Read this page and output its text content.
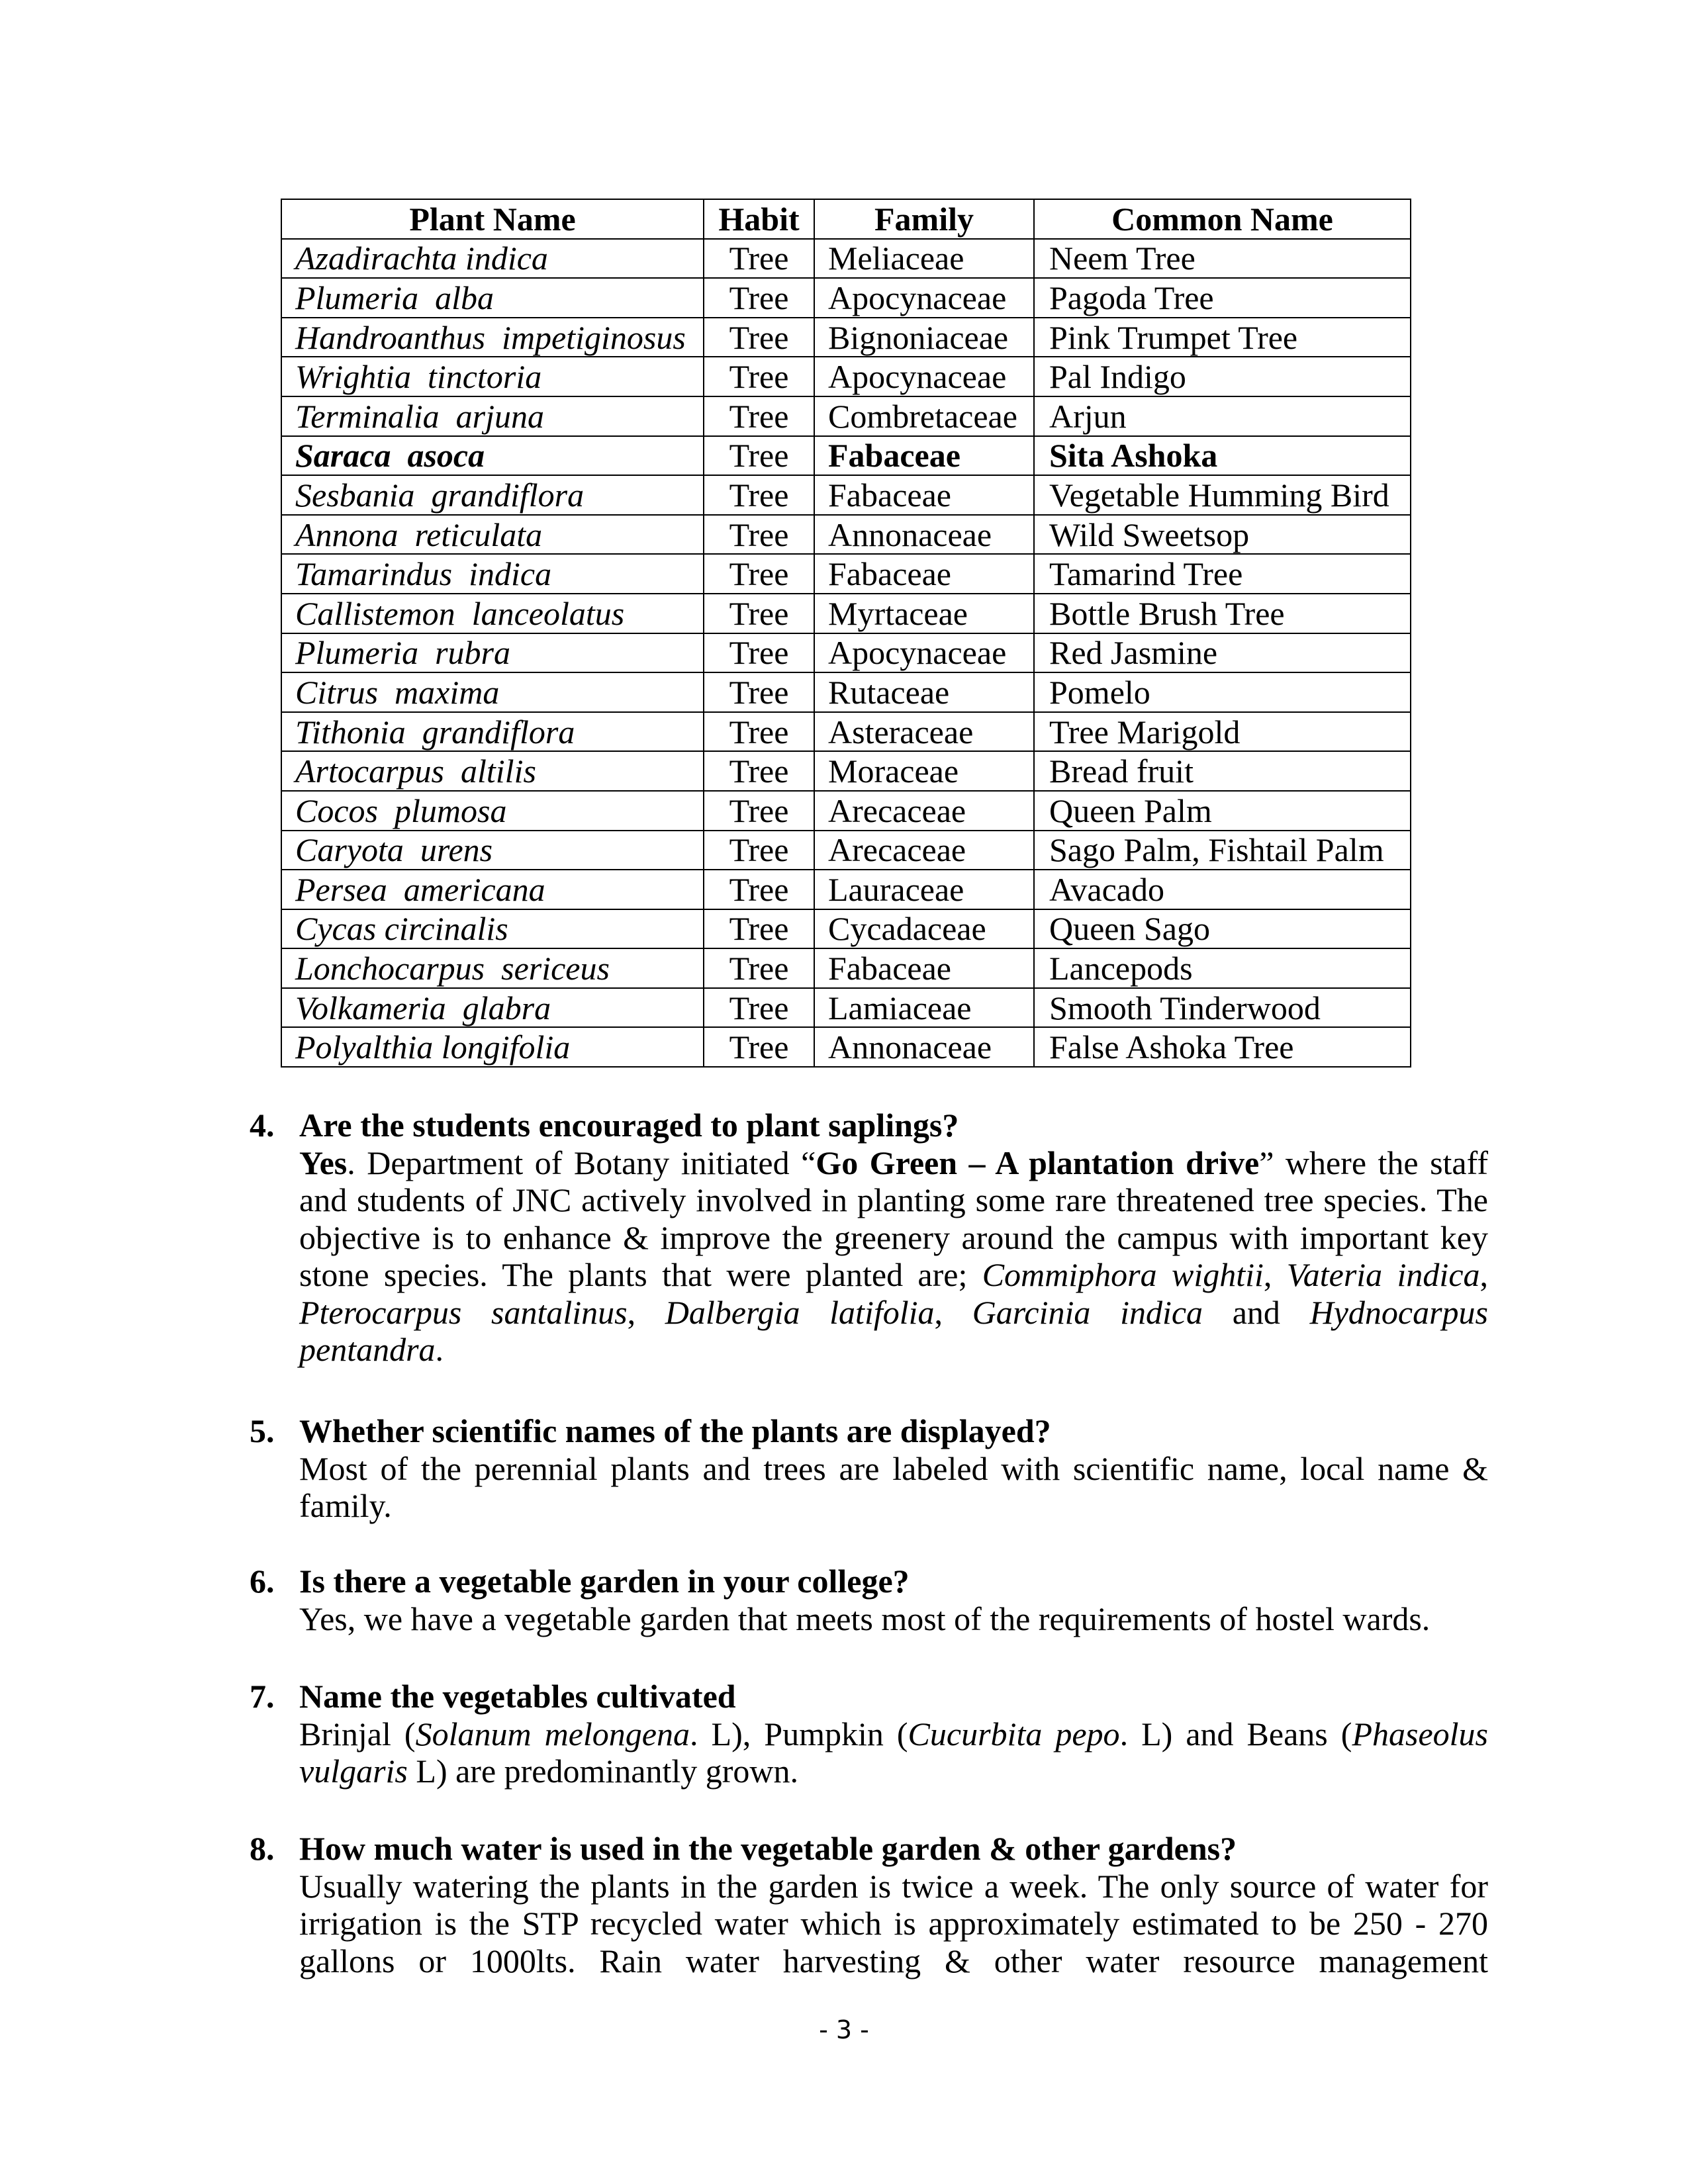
Plant Name	Habit	Family	Common Name
Azadirachta indica	Tree	Meliaceae	Neem Tree
Plumeria  alba	Tree	Apocynaceae	Pagoda Tree
Handroanthus  impetiginosus	Tree	Bignoniaceae	Pink Trumpet Tree
Wrightia  tinctoria	Tree	Apocynaceae	Pal Indigo
Terminalia  arjuna	Tree	Combretaceae	Arjun
Saraca  asoca	Tree	Fabaceae	Sita Ashoka
Sesbania  grandiflora	Tree	Fabaceae	Vegetable Humming Bird
Annona  reticulata	Tree	Annonaceae	Wild Sweetsop
Tamarindus  indica	Tree	Fabaceae	Tamarind Tree
Callistemon  lanceolatus	Tree	Myrtaceae	Bottle Brush Tree
Plumeria  rubra	Tree	Apocynaceae	Red Jasmine
Citrus  maxima	Tree	Rutaceae	Pomelo
Tithonia  grandiflora	Tree	Asteraceae	Tree Marigold
Artocarpus  altilis	Tree	Moraceae	Bread fruit
Cocos  plumosa	Tree	Arecaceae	Queen Palm
Caryota  urens	Tree	Arecaceae	Sago Palm, Fishtail Palm
Persea  americana	Tree	Lauraceae	Avacado
Cycas circinalis	Tree	Cycadaceae	Queen Sago
Lonchocarpus  sericeus	Tree	Fabaceae	Lancepods
Volkameria  glabra	Tree	Lamiaceae	Smooth Tinderwood
Polyalthia longifolia	Tree	Annonaceae	False Ashoka Tree
4. Are the students encouraged to plant saplings?
Yes. Department of Botany initiated “Go Green – A plantation drive” where the staff and students of JNC actively involved in planting some rare threatened tree species. The objective is to enhance & improve the greenery around the campus with important key stone species. The plants that were planted are; Commiphora wightii, Vateria indica, Pterocarpus santalinus, Dalbergia latifolia, Garcinia indica and Hydnocarpus pentandra.
5. Whether scientific names of the plants are displayed?
Most of the perennial plants and trees are labeled with scientific name, local name & family.
6. Is there a vegetable garden in your college?
Yes, we have a vegetable garden that meets most of the requirements of hostel wards.
7. Name the vegetables cultivated
Brinjal (Solanum melongena. L), Pumpkin (Cucurbita pepo. L) and Beans (Phaseolus vulgaris L) are predominantly grown.
8. How much water is used in the vegetable garden & other gardens?
Usually watering the plants in the garden is twice a week. The only source of water for
irrigation is the STP recycled water which is approximately estimated to be 250 - 270
gallons or 1000lts. Rain water harvesting & other water resource management
- 3 -
